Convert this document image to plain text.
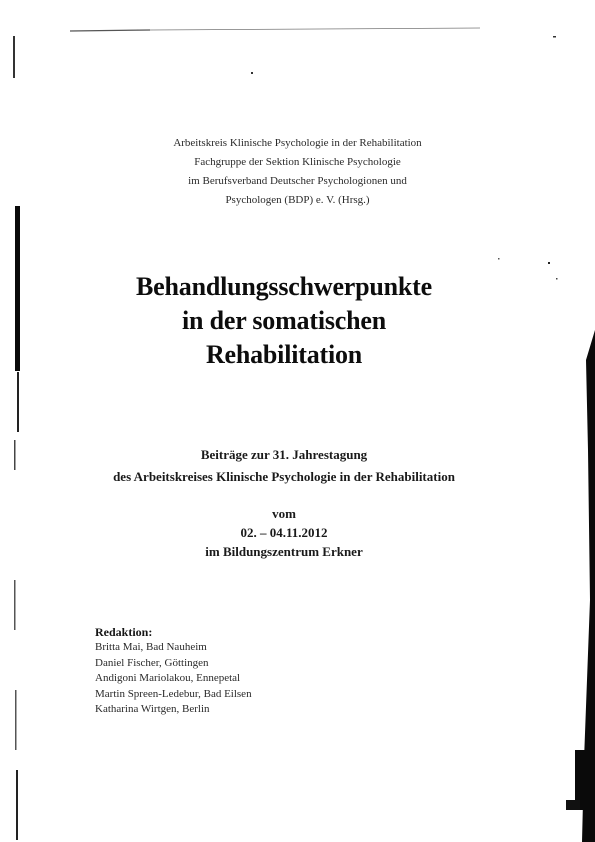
Arbeitskreis Klinische Psychologie in der Rehabilitation
Fachgruppe der Sektion Klinische Psychologie
im Berufsverband Deutscher Psychologionen und
Psychologen (BDP) e. V. (Hrsg.)
Behandlungsschwerpunkte
in der somatischen
Rehabilitation
Beiträge zur 31. Jahrestagung
des Arbeitskreises Klinische Psychologie in der Rehabilitation
vom
02. – 04.11.2012
im Bildungszentrum Erkner
Redaktion:
Britta Mai, Bad Nauheim
Daniel Fischer, Göttingen
Andigoni Mariolakou, Ennepetal
Martin Spreen-Ledebur, Bad Eilsen
Katharina Wirtgen, Berlin
